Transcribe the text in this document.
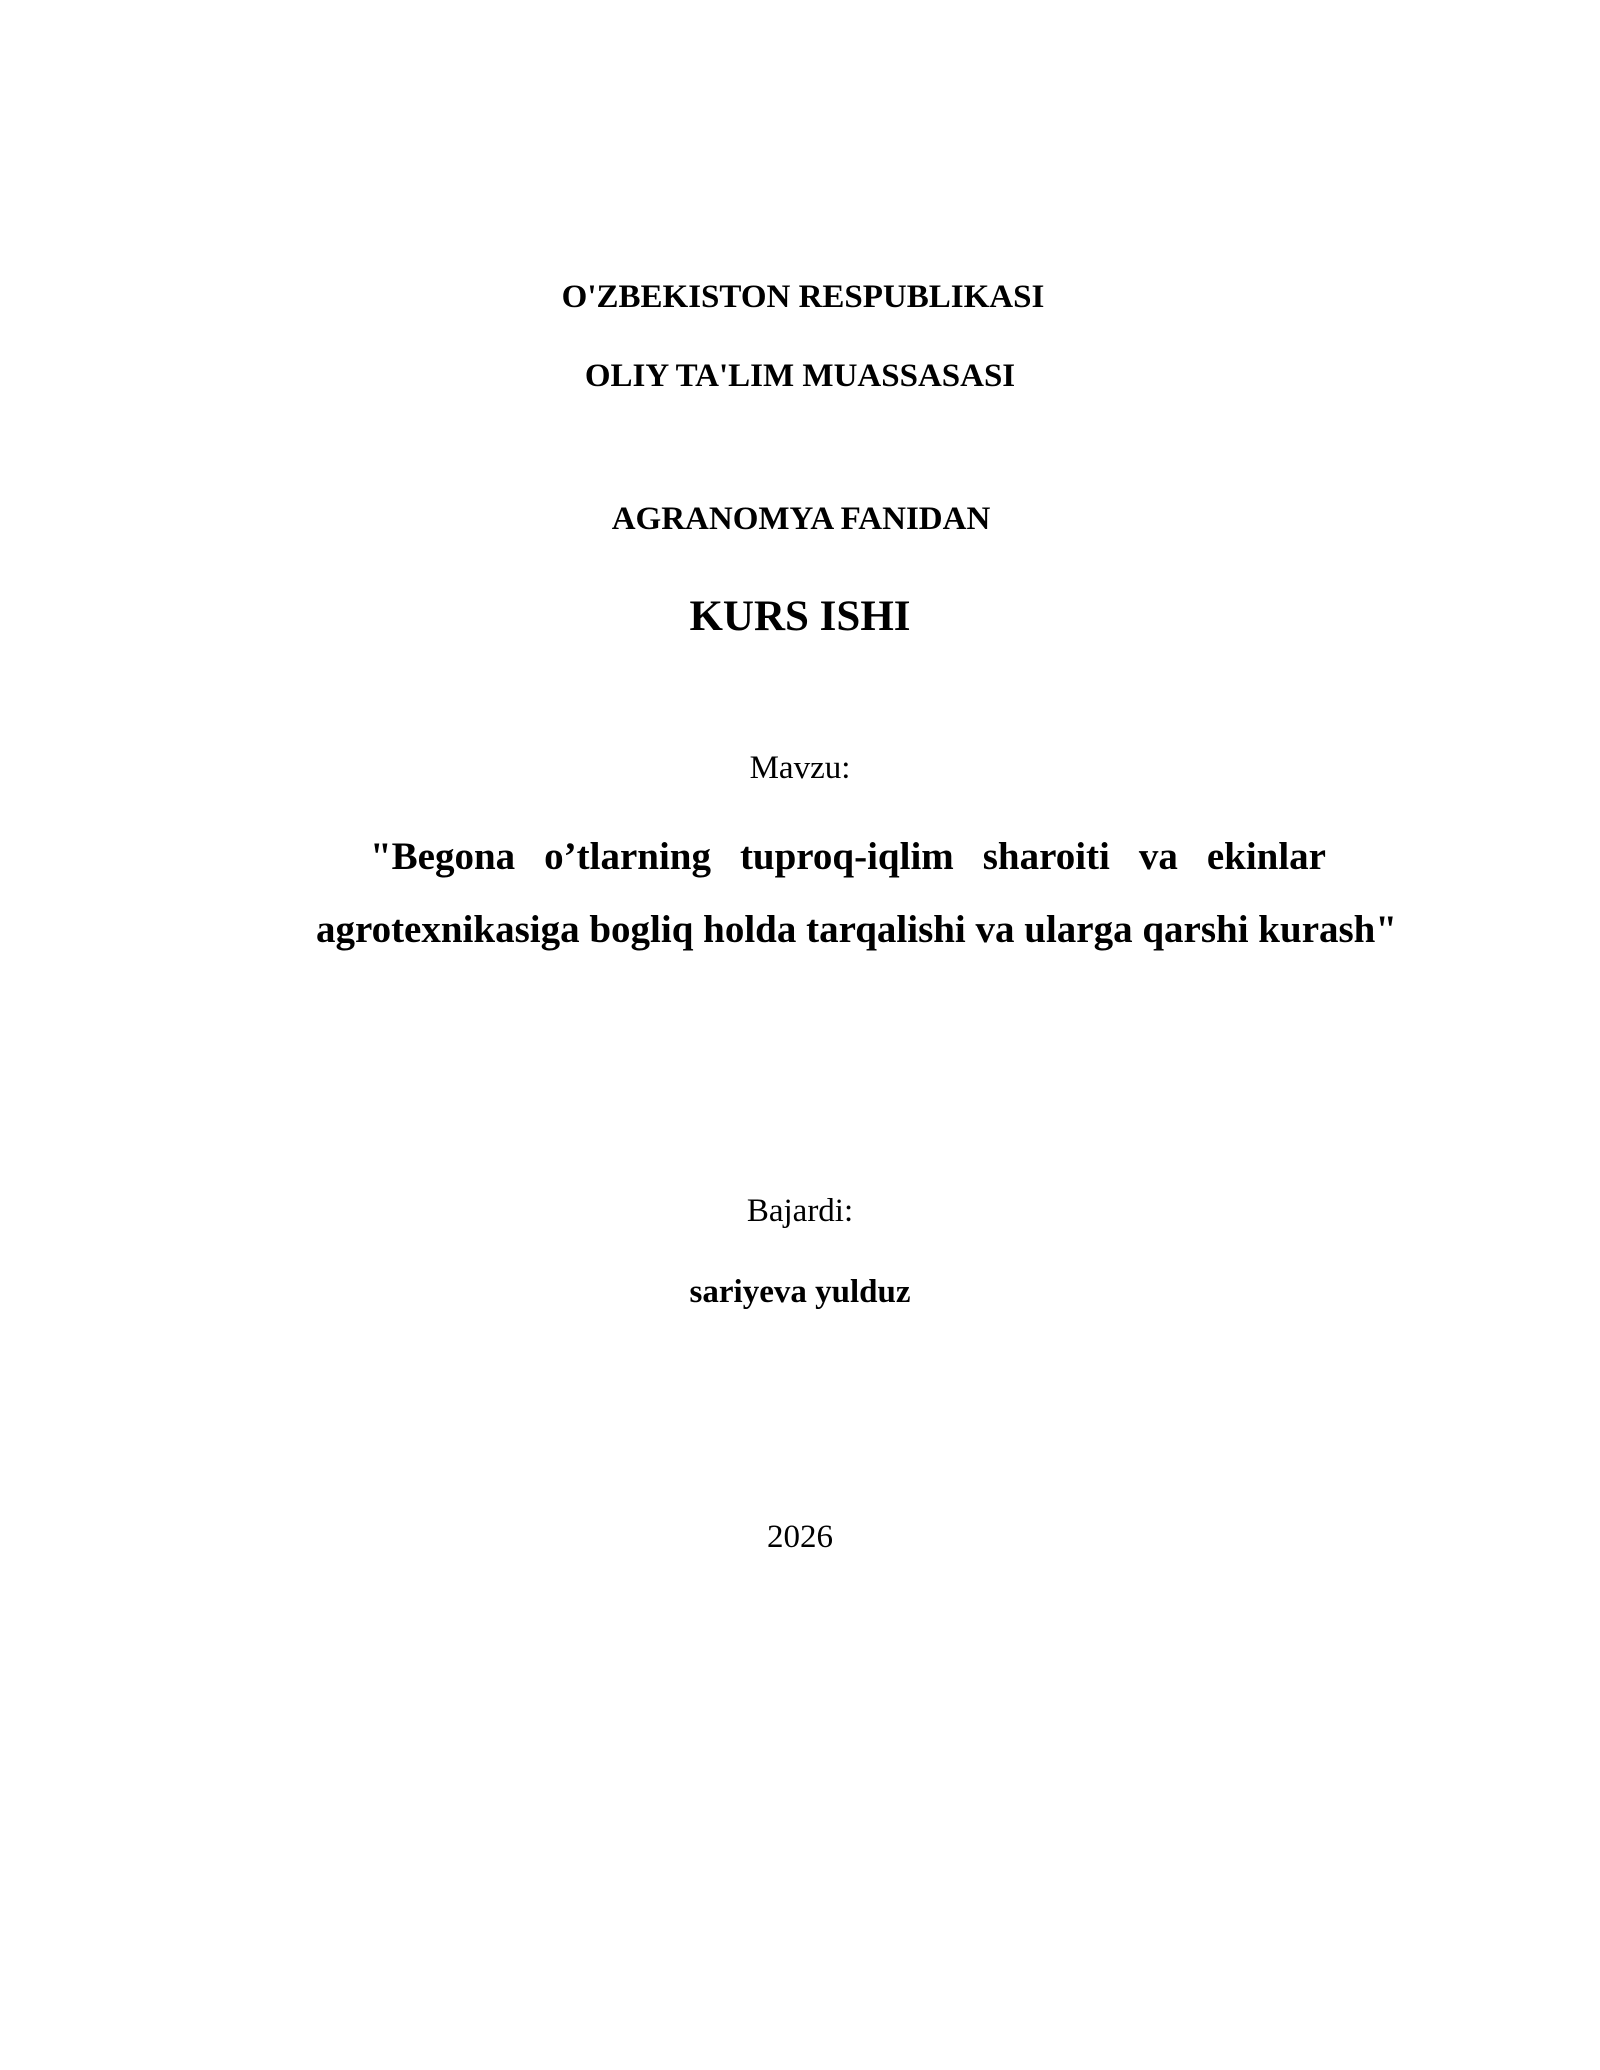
O'ZBEKISTON RESPUBLIKASI
OLIY TA'LIM MUASSASASI
AGRANOMYA FANIDAN
KURS ISHI
Mavzu:
"Begona o’tlarning tuproq-iqlim sharoiti va ekinlar
agrotexnikasiga bogliq holda tarqalishi va ularga qarshi kurash"
Bajardi:
sariyeva yulduz
2026
